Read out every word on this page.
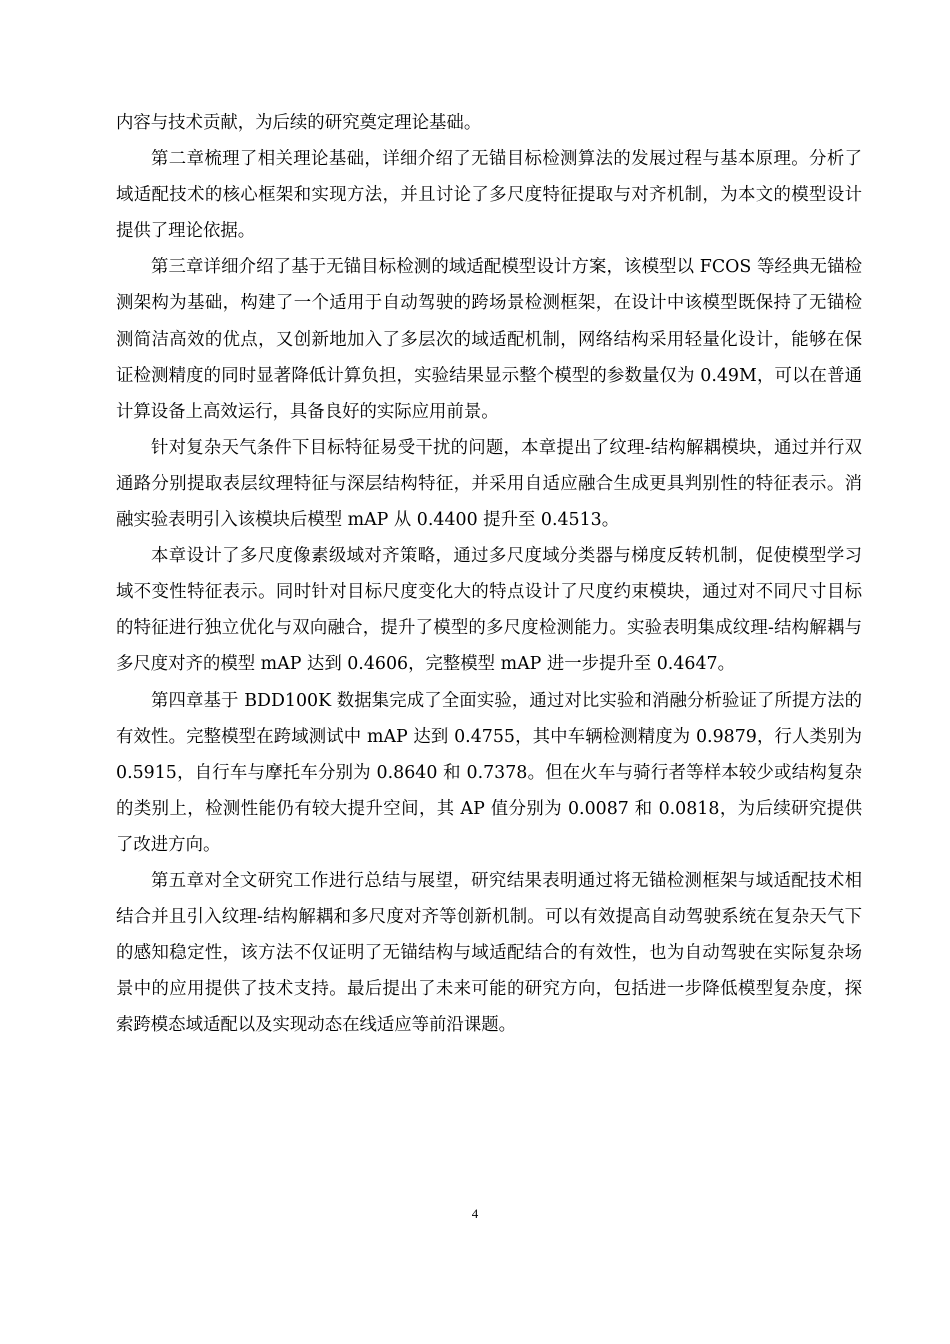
内容与技术贡献，为后续的研究奠定理论基础。

第二章梳理了相关理论基础，详细介绍了无锚目标检测算法的发展过程与基本原理。分析了域适配技术的核心框架和实现方法，并且讨论了多尺度特征提取与对齐机制，为本文的模型设计提供了理论依据。

第三章详细介绍了基于无锚目标检测的域适配模型设计方案，该模型以 FCOS 等经典无锚检测架构为基础，构建了一个适用于自动驾驶的跨场景检测框架，在设计中该模型既保持了无锚检测简洁高效的优点，又创新地加入了多层次的域适配机制，网络结构采用轻量化设计，能够在保证检测精度的同时显著降低计算负担，实验结果显示整个模型的参数量仅为 0.49M，可以在普通计算设备上高效运行，具备良好的实际应用前景。

针对复杂天气条件下目标特征易受干扰的问题，本章提出了纹理-结构解耦模块，通过并行双通路分别提取表层纹理特征与深层结构特征，并采用自适应融合生成更具判别性的特征表示。消融实验表明引入该模块后模型 mAP 从 0.4400 提升至 0.4513。

本章设计了多尺度像素级域对齐策略，通过多尺度域分类器与梯度反转机制，促使模型学习域不变性特征表示。同时针对目标尺度变化大的特点设计了尺度约束模块，通过对不同尺寸目标的特征进行独立优化与双向融合，提升了模型的多尺度检测能力。实验表明集成纹理-结构解耦与多尺度对齐的模型 mAP 达到 0.4606，完整模型 mAP 进一步提升至 0.4647。

第四章基于 BDD100K 数据集完成了全面实验，通过对比实验和消融分析验证了所提方法的有效性。完整模型在跨域测试中 mAP 达到 0.4755，其中车辆检测精度为 0.9879，行人类别为 0.5915，自行车与摩托车分别为 0.8640 和 0.7378。但在火车与骑行者等样本较少或结构复杂的类别上，检测性能仍有较大提升空间，其 AP 值分别为 0.0087 和 0.0818，为后续研究提供了改进方向。

第五章对全文研究工作进行总结与展望，研究结果表明通过将无锚检测框架与域适配技术相结合并且引入纹理-结构解耦和多尺度对齐等创新机制。可以有效提高自动驾驶系统在复杂天气下的感知稳定性，该方法不仅证明了无锚结构与域适配结合的有效性，也为自动驾驶在实际复杂场景中的应用提供了技术支持。最后提出了未来可能的研究方向，包括进一步降低模型复杂度，探索跨模态域适配以及实现动态在线适应等前沿课题。

4
